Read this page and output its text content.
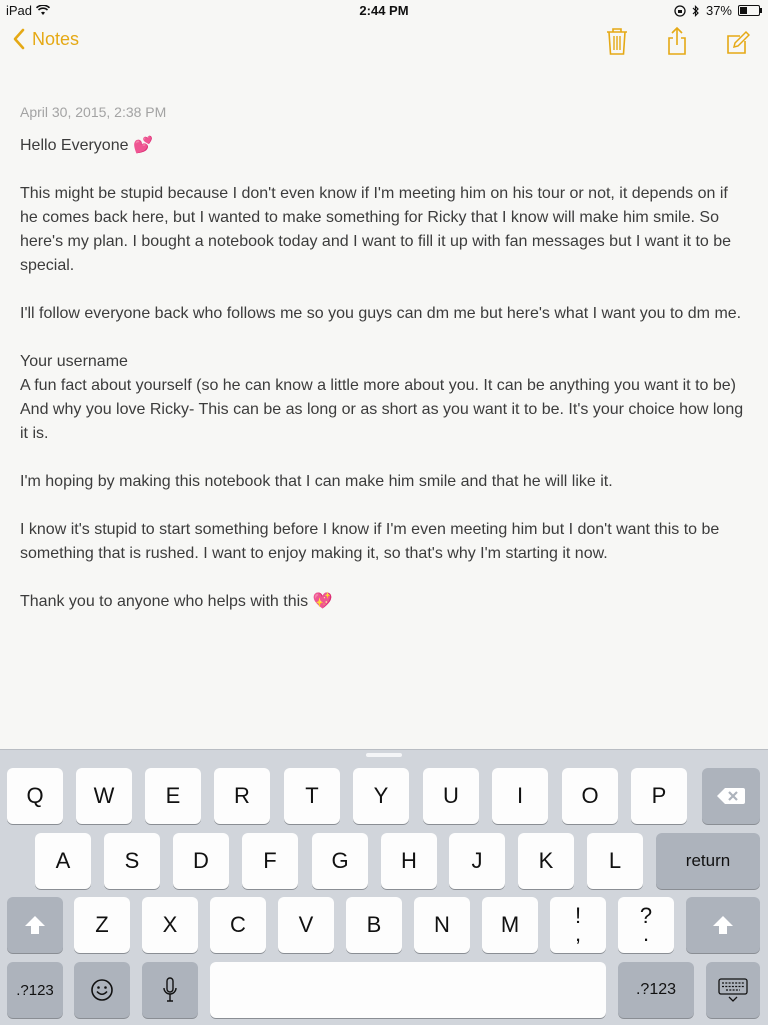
iPad	2:44 PM	37%
Notes
April 30, 2015, 2:38 PM

Hello Everyone 💕

This might be stupid because I don't even know if I'm meeting him on his tour or not, it depends on if he comes back here, but I wanted to make something for Ricky that I know will make him smile. So here's my plan. I bought a notebook today and I want to fill it up with fan messages but I want it to be special.

I'll follow everyone back who follows me so you guys can dm me but here's what I want you to dm me.

Your username

A fun fact about yourself (so he can know a little more about you. It can be anything you want it to be)

And why you love Ricky- This can be as long or as short as you want it to be. It's your choice how long it is.

I'm hoping by making this notebook that I can make him smile and that he will like it.

I know it's stupid to start something before I know if I'm even meeting him but I don't want this to be something that is rushed. I want to enjoy making it, so that's why I'm starting it now.

Thank you to anyone who helps with this 💖

Q	W	E	R	T	Y	U	I	O	P
A	S	D	F	G	H	J	K	L	return
Z	X	C	V	B	N	M	!
,
?
.
.?123	.?123
